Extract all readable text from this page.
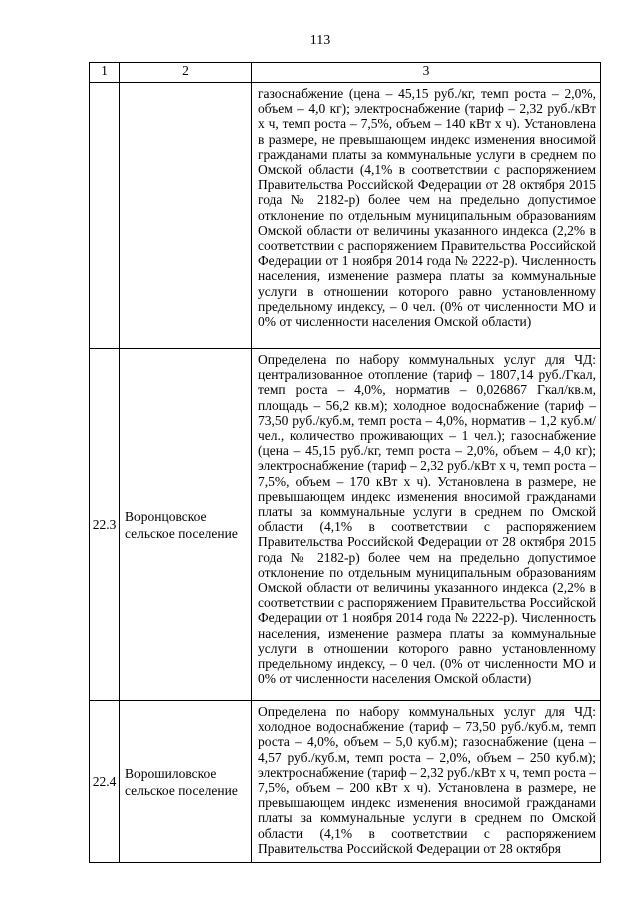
113
1	2	3
		газоснабжение (цена – 45,15 руб./кг, темп роста – 2,0%, объем – 4,0 кг); электроснабжение (тариф – 2,32 руб./кВт х ч, темп роста – 7,5%, объем – 140 кВт х ч). Установлена в размере, не превышающем индекс изменения вносимой гражданами платы за коммунальные услуги в среднем по Омской области (4,1% в соответствии с распоряжением Правительства Российской Федерации от 28 октября 2015 года № 2182-р) более чем на предельно допустимое отклонение по отдельным муниципальным образованиям Омской области от величины указанного индекса (2,2% в соответствии с распоряжением Правительства Российской Федерации от 1 ноября 2014 года № 2222-р). Численность населения, изменение размера платы за коммунальные услуги в отношении которого равно установленному предельному индексу, – 0 чел. (0% от численности МО и 0% от численности населения Омской области)
22.3	Воронцовское сельское поселение	Определена по набору коммунальных услуг для ЧД: централизованное отопление (тариф – 1807,14 руб./Гкал, темп роста – 4,0%, норматив – 0,026867 Гкал/кв.м, площадь – 56,2 кв.м); холодное водоснабжение (тариф – 73,50 руб./куб.м, темп роста – 4,0%, норматив – 1,2 куб.м/чел., количество проживающих – 1 чел.); газоснабжение (цена – 45,15 руб./кг, темп роста – 2,0%, объем – 4,0 кг); электроснабжение (тариф – 2,32 руб./кВт х ч, темп роста – 7,5%, объем – 170 кВт х ч). Установлена в размере, не превышающем индекс изменения вносимой гражданами платы за коммунальные услуги в среднем по Омской области (4,1% в соответствии с распоряжением Правительства Российской Федерации от 28 октября 2015 года № 2182-р) более чем на предельно допустимое отклонение по отдельным муниципальным образованиям Омской области от величины указанного индекса (2,2% в соответствии с распоряжением Правительства Российской Федерации от 1 ноября 2014 года № 2222-р). Численность населения, изменение размера платы за коммунальные услуги в отношении которого равно установленному предельному индексу, – 0 чел. (0% от численности МО и 0% от численности населения Омской области)
22.4	Ворошиловское сельское поселение	Определена по набору коммунальных услуг для ЧД: холодное водоснабжение (тариф – 73,50 руб./куб.м, темп роста – 4,0%, объем – 5,0 куб.м); газоснабжение (цена – 4,57 руб./куб.м, темп роста – 2,0%, объем – 250 куб.м); электроснабжение (тариф – 2,32 руб./кВт х ч, темп роста – 7,5%, объем – 200 кВт х ч). Установлена в размере, не превышающем индекс изменения вносимой гражданами платы за коммунальные услуги в среднем по Омской области (4,1% в соответствии с распоряжением Правительства Российской Федерации от 28 октября
